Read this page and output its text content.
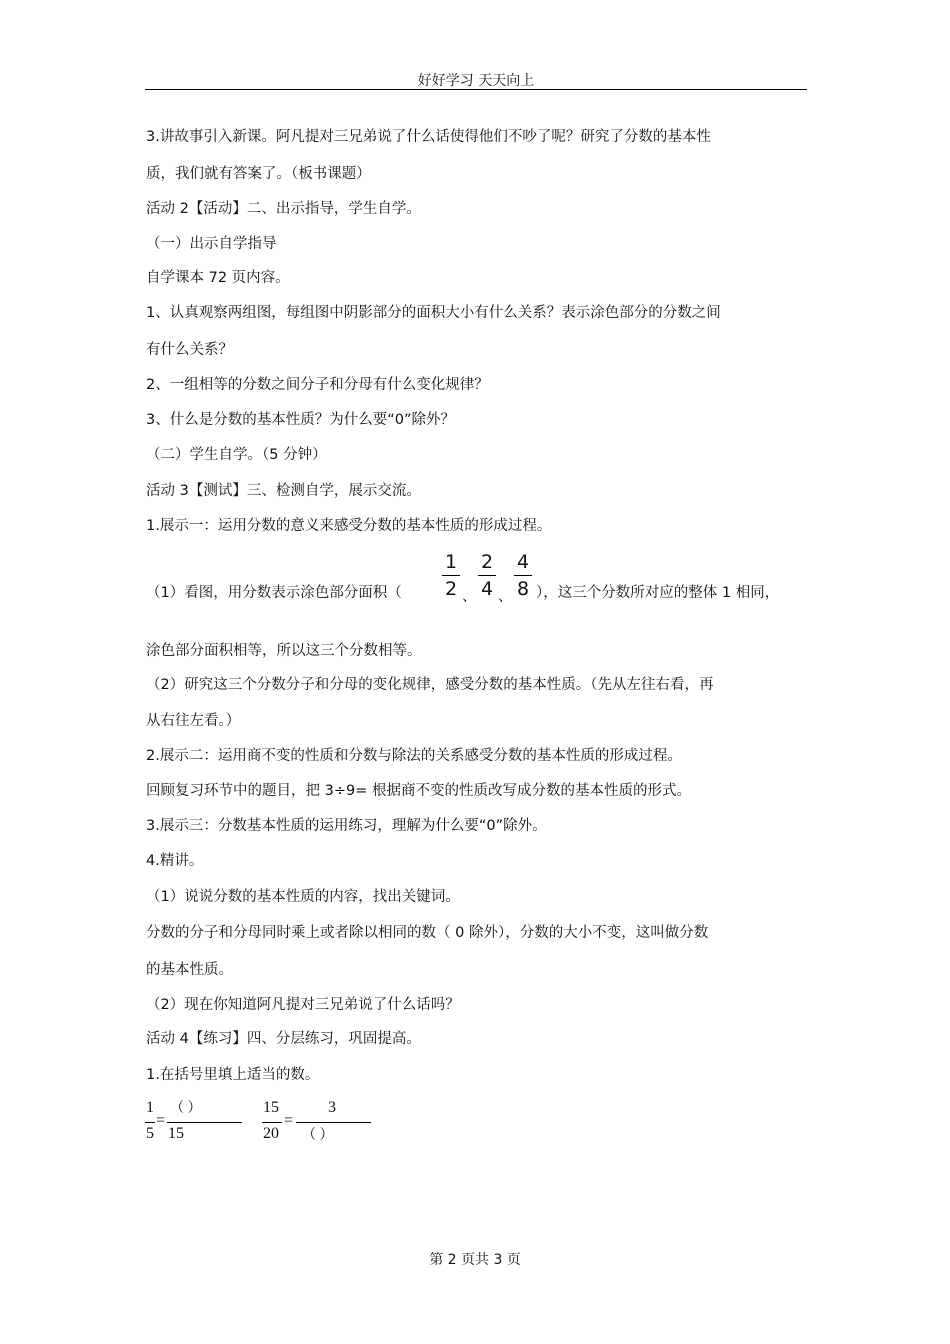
好好学习 天天向上
3.讲故事引入新课。阿凡提对三兄弟说了什么话使得他们不吵了呢？研究了分数的基本性
质，我们就有答案了。（板书课题）
活动 2【活动】二、出示指导，学生自学。
（一）出示自学指导
自学课本 72 页内容。
1、认真观察两组图，每组图中阴影部分的面积大小有什么关系？表示涂色部分的分数之间
有什么关系？
2、一组相等的分数之间分子和分母有什么变化规律？
3、什么是分数的基本性质？为什么要“0”除外？
（二）学生自学。（5 分钟）
活动 3【测试】三、检测自学，展示交流。
1.展示一：运用分数的意义来感受分数的基本性质的形成过程。
（1）看图，用分数表示涂色部分面积（
1
2 、
2
4 、
4
8 ），这三个分数所对应的整体 1 相同，
涂色部分面积相等，所以这三个分数相等。
（2）研究这三个分数分子和分母的变化规律，感受分数的基本性质。（先从左往右看，再
从右往左看。）
2.展示二：运用商不变的性质和分数与除法的关系感受分数的基本性质的形成过程。
回顾复习环节中的题目，把 3÷9= 根据商不变的性质改写成分数的基本性质的形式。
3.展示三：分数基本性质的运用练习，理解为什么要“0”除外。
4.精讲。
（1）说说分数的基本性质的内容，找出关键词。
分数的分子和分母同时乘上或者除以相同的数（ 0 除外），分数的大小不变，这叫做分数
的基本性质。
（2）现在你知道阿凡提对三兄弟说了什么话吗？
活动 4【练习】四、分层练习，巩固提高。
1.在括号里填上适当的数。
1
5
=
（ ）
15
15
20
=
3
（ ）
第 2 页共 3 页
